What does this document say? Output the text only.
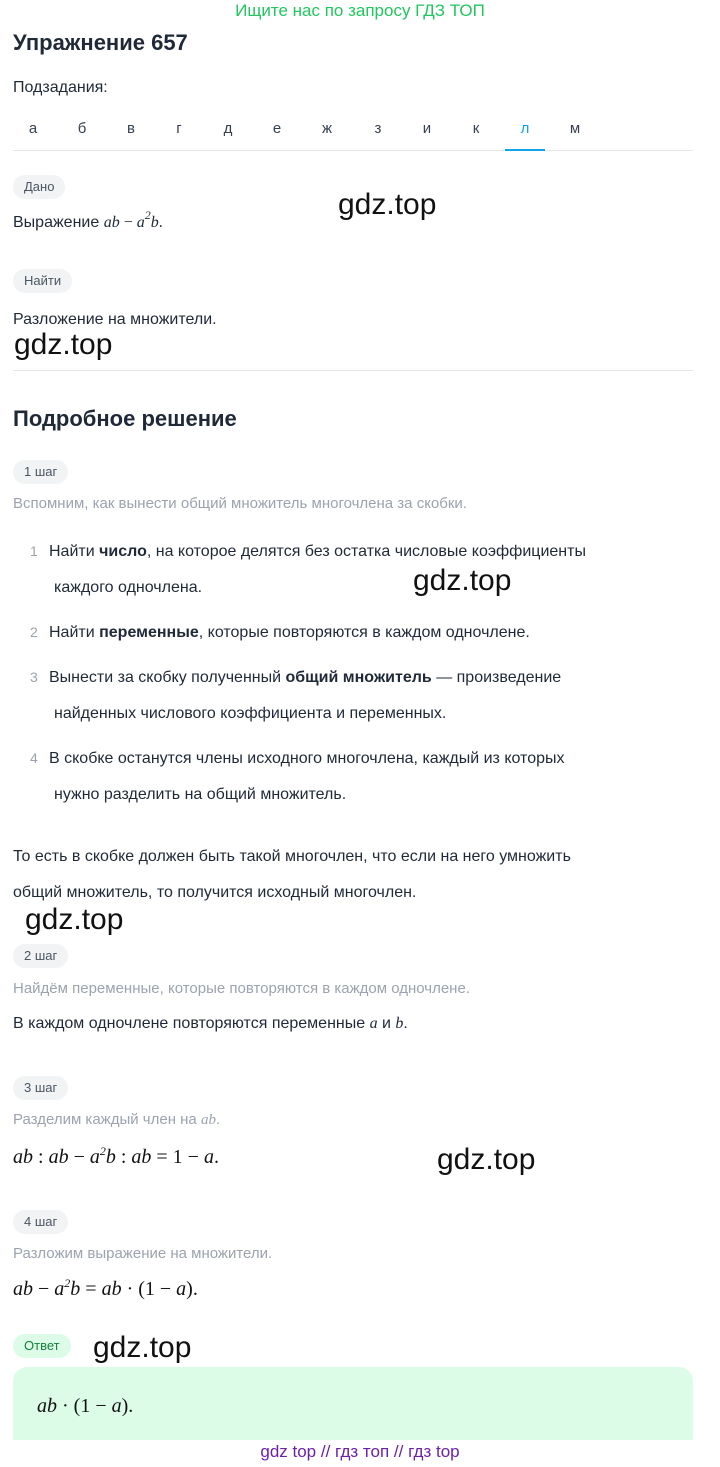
Ищите нас по запросу ГДЗ ТОП
Упражнение 657
Подзадания:
а	б	в	г	д	е	ж	з	и	к	л	м
Дано
Выражение ab − $a^2b$.
gdz.top
Найти
Разложение на множители.
gdz.top
Подробное решение
1 шаг
Вспомним, как вынести общий множитель многочлена за скобки.
1 Найти число, на которое делятся без остатка числовые коэффициенты
каждого одночлена.	gdz.top
2 Найти переменные, которые повторяются в каждом одночлене.
3 Вынести за скобку полученный общий множитель — произведение
найденных числового коэффициента и переменных.
4 В скобке останутся члены исходного многочлена, каждый из которых
нужно разделить на общий множитель.
То есть в скобке должен быть такой многочлен, что если на него умножить
общий множитель, то получится исходный многочлен.
gdz.top
2 шаг
Найдём переменные, которые повторяются в каждом одночлене.
В каждом одночлене повторяются переменные a и b.
3 шаг
Разделим каждый член на ab.
ab : ab − $a^2b$ : ab = 1 − a.	gdz.top
4 шаг
Разложим выражение на множители.
ab − $a^2b$ = ab · (1 − a).
Ответ	gdz.top
ab · (1 − a).
gdz top // гдз топ // гдз top
